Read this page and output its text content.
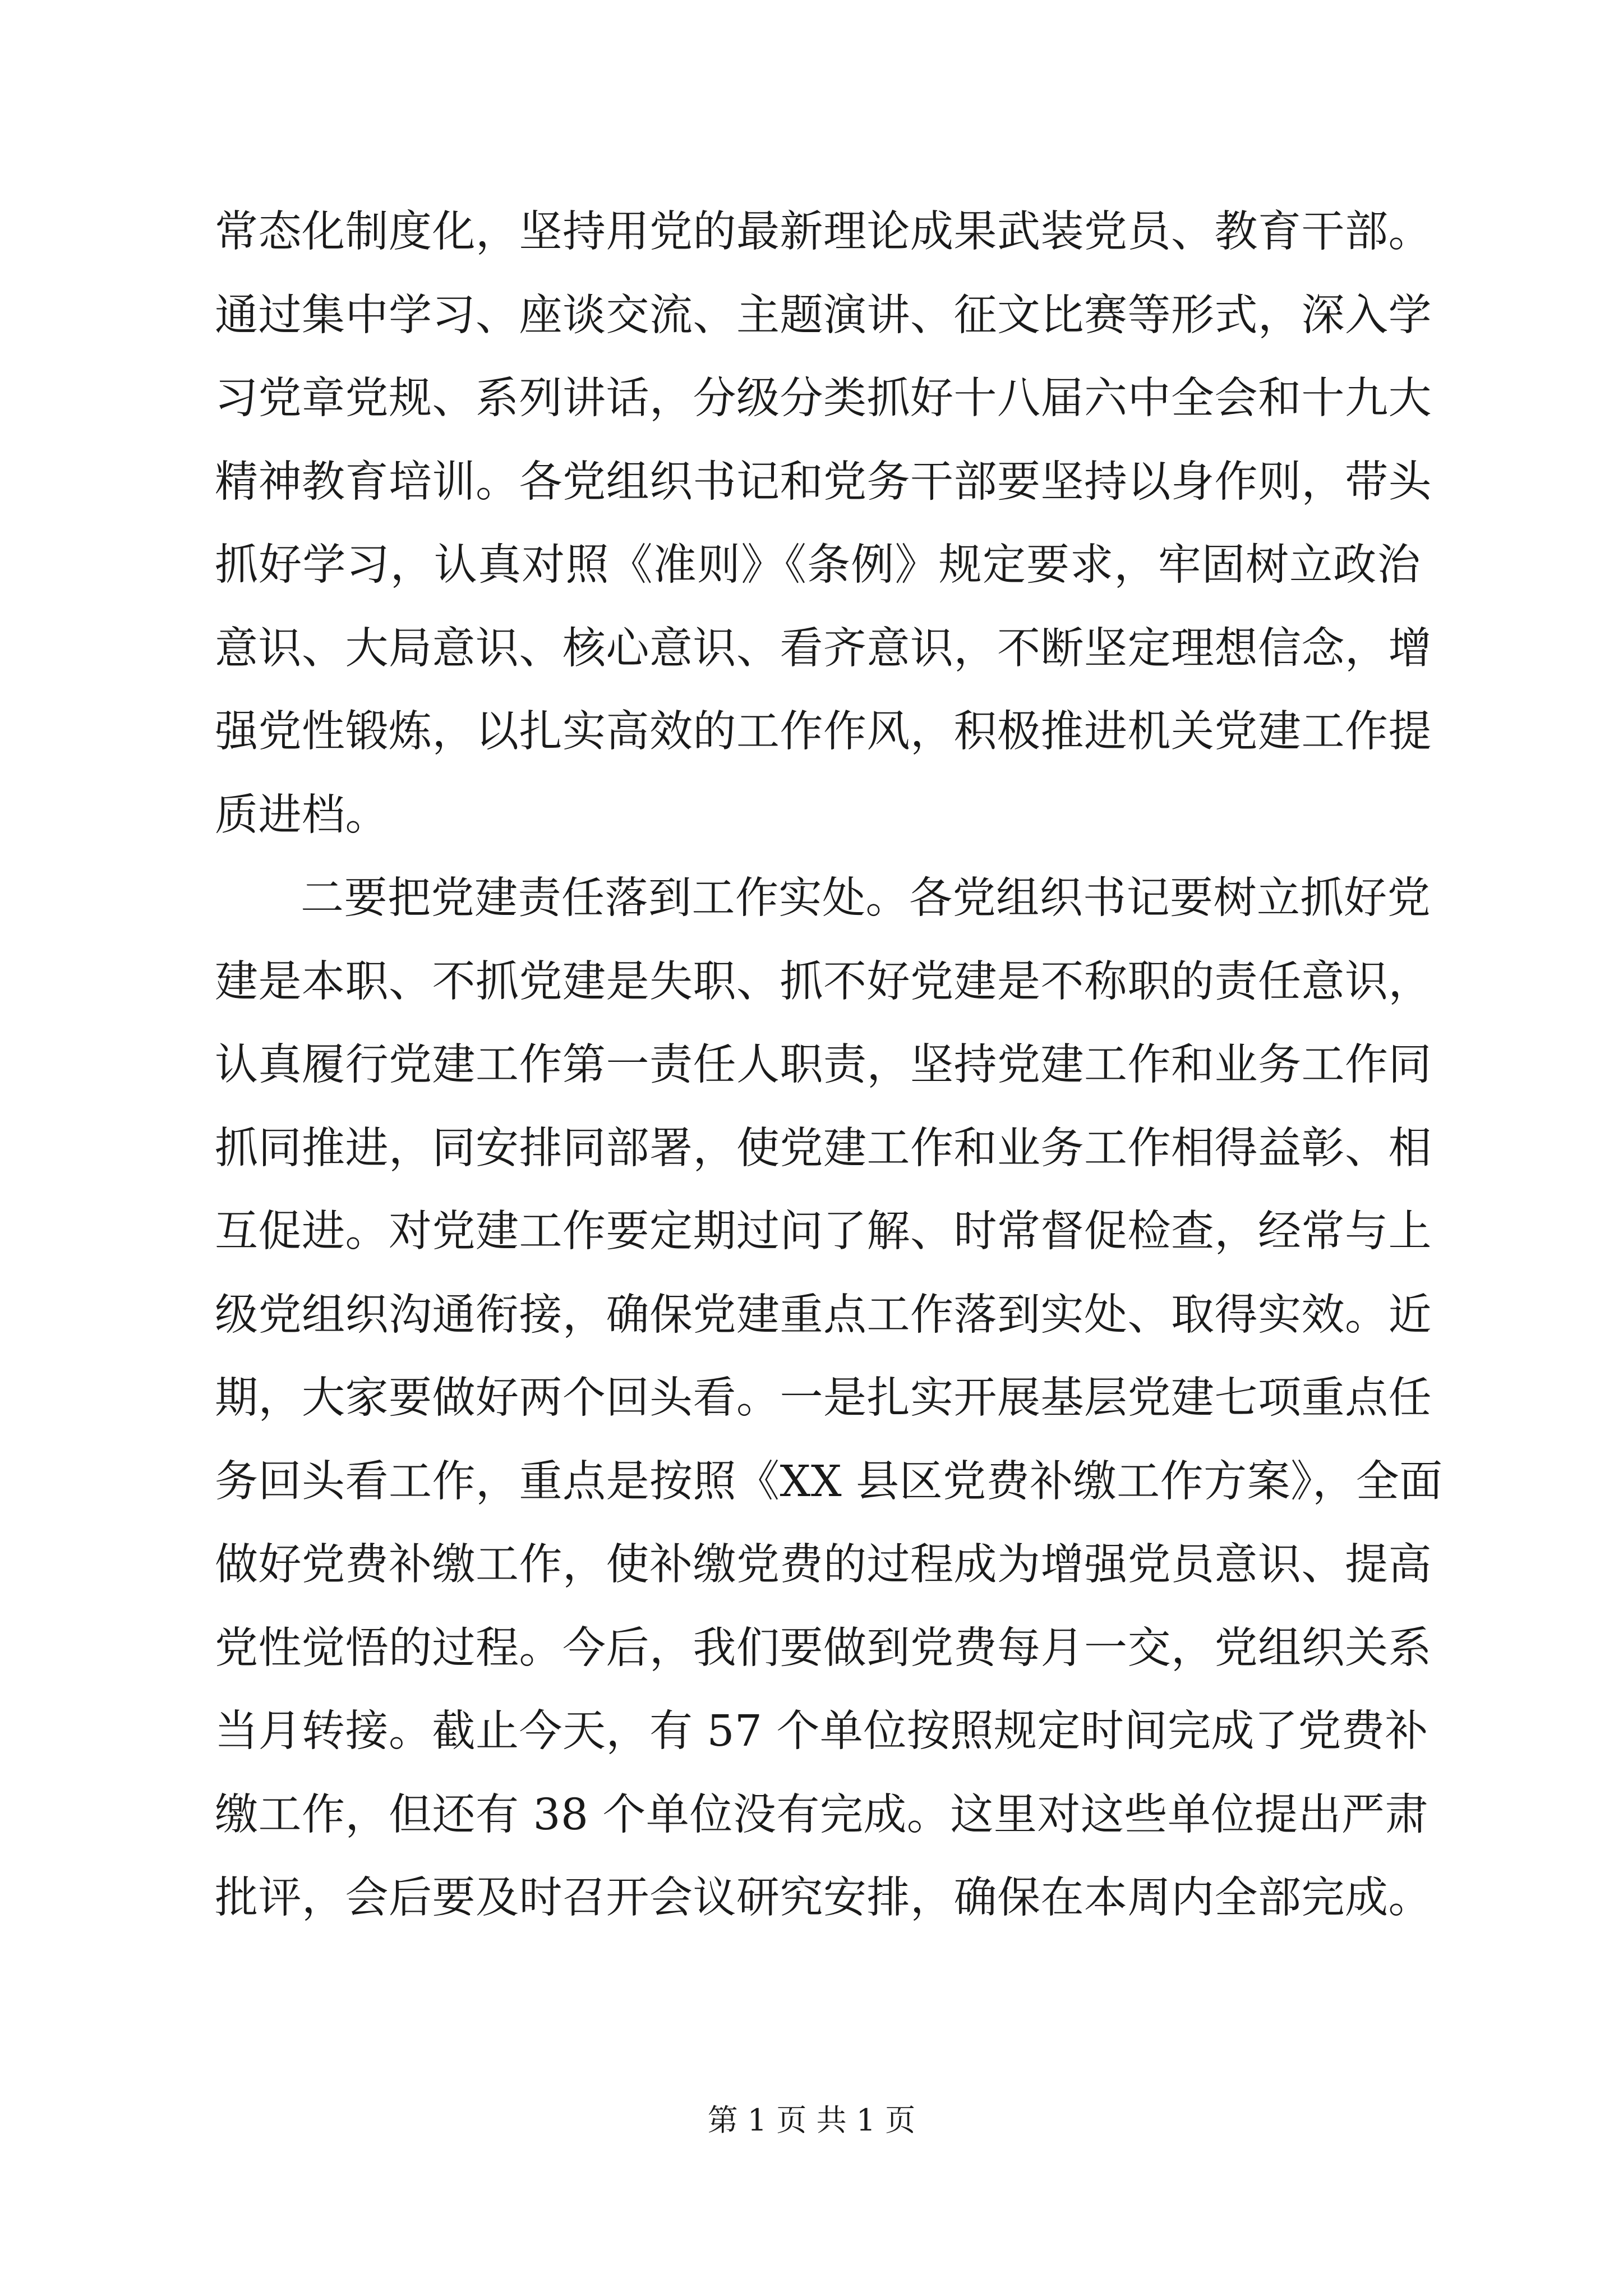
常态化制度化，坚持用党的最新理论成果武装党员、教育干部。
通过集中学习、座谈交流、主题演讲、征文比赛等形式，深入学
习党章党规、系列讲话，分级分类抓好十八届六中全会和十九大
精神教育培训。各党组织书记和党务干部要坚持以身作则，带头
抓好学习，认真对照《准则》《条例》规定要求，牢固树立政治
意识、大局意识、核心意识、看齐意识，不断坚定理想信念，增
强党性锻炼，以扎实高效的工作作风，积极推进机关党建工作提
质进档。
二要把党建责任落到工作实处。各党组织书记要树立抓好党
建是本职、不抓党建是失职、抓不好党建是不称职的责任意识，
认真履行党建工作第一责任人职责，坚持党建工作和业务工作同
抓同推进，同安排同部署，使党建工作和业务工作相得益彰、相
互促进。对党建工作要定期过问了解、时常督促检查，经常与上
级党组织沟通衔接，确保党建重点工作落到实处、取得实效。近
期，大家要做好两个回头看。一是扎实开展基层党建七项重点任
务回头看工作，重点是按照《XX 县区党费补缴工作方案》，全面
做好党费补缴工作，使补缴党费的过程成为增强党员意识、提高
党性觉悟的过程。今后，我们要做到党费每月一交，党组织关系
当月转接。截止今天，有 57 个单位按照规定时间完成了党费补
缴工作，但还有 38 个单位没有完成。这里对这些单位提出严肃
批评，会后要及时召开会议研究安排，确保在本周内全部完成。
第 1 页 共 1 页
